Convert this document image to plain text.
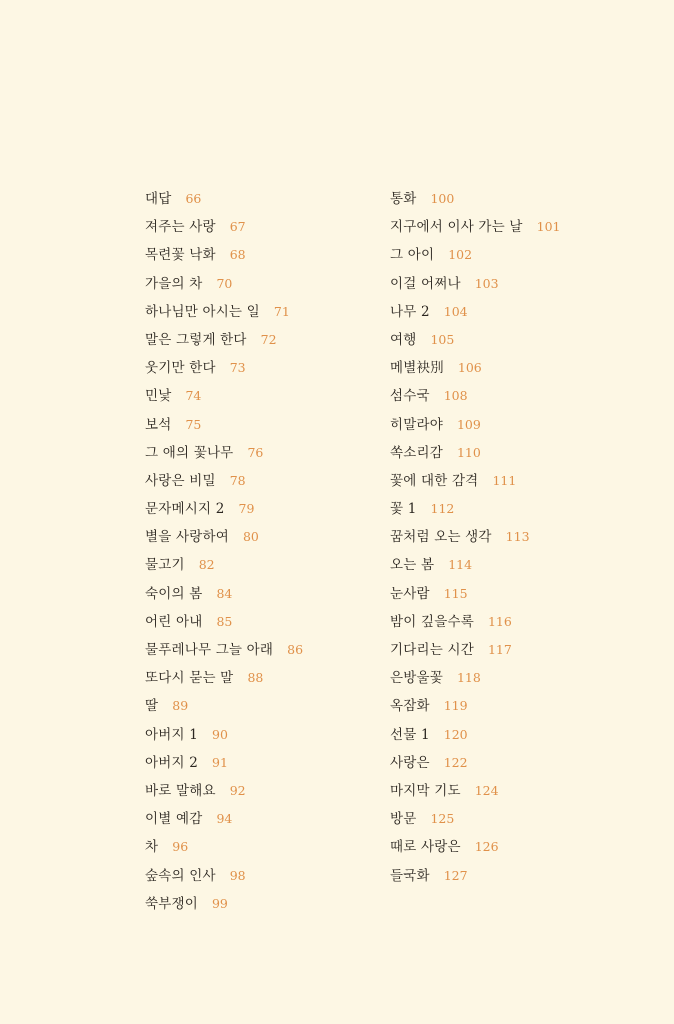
대답 66
져주는 사랑 67
목련꽃 낙화 68
가을의 차 70
하나님만 아시는 일 71
말은 그렇게 한다 72
웃기만 한다 73
민낯 74
보석 75
그 애의 꽃나무 76
사랑은 비밀 78
문자메시지 2 79
별을 사랑하여 80
물고기 82
숙이의 봄 84
어린 아내 85
물푸레나무 그늘 아래 86
또다시 묻는 말 88
딸 89
아버지 1 90
아버지 2 91
바로 말해요 92
이별 예감 94
차 96
숲속의 인사 98
쑥부쟁이 99
통화 100
지구에서 이사 가는 날 101
그 아이 102
이걸 어쩌나 103
나무 2 104
여행 105
메별袂別 106
섬수국 108
히말라야 109
쏙소리감 110
꽃에 대한 감격 111
꽃 1 112
꿈처럼 오는 생각 113
오는 봄 114
눈사람 115
밤이 깊을수록 116
기다리는 시간 117
은방울꽃 118
옥잠화 119
선물 1 120
사랑은 122
마지막 기도 124
방문 125
때로 사랑은 126
들국화 127
